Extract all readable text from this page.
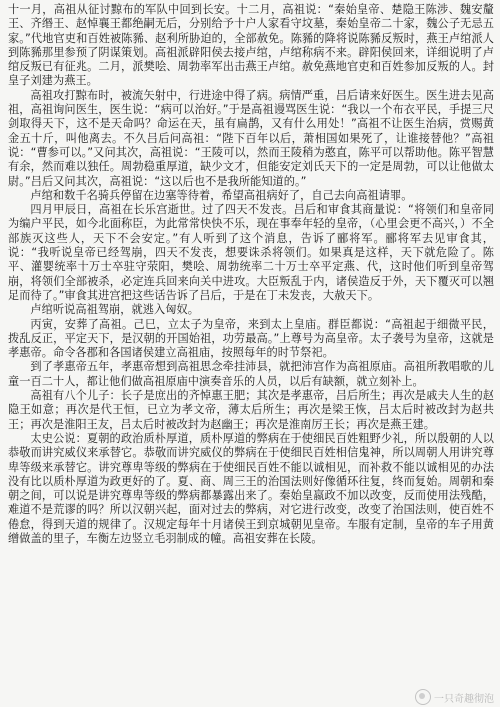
十一月，高祖从征讨黥布的军队中回到长安。十二月，高祖说：“秦始皇帝、楚隐王陈涉、魏安釐王、齐缗王、赵悼襄王都绝嗣无后，分别给予十户人家看守坟墓，秦始皇帝二十家，魏公子无忌五家。”代地官吏和百姓被陈豨、赵利所胁迫的，全部赦免。陈豨的降将说陈豨反叛时，燕王卢绾派人到陈豨那里参预了阴谋策划。高祖派辟阳侯去接卢绾，卢绾称病不来。辟阳侯回来，详细说明了卢绾反叛已有征兆。二月，派樊哙、周勃率军出击燕王卢绾。赦免燕地官吏和百姓参加反叛的人。封皇子刘建为燕王。

高祖攻打黥布时，被流矢射中，行进途中得了病。病情严重，吕后请来好医生。医生进去见高祖，高祖询问医生，医生说：“病可以治好。”于是高祖谩骂医生说：“我以一个布衣平民，手提三尺剑取得天下，这不是天命吗？命运在天，虽有扁鹊，又有什么用处！”高祖不让医生治病，赏赐黄金五十斤，叫他离去。不久吕后问高祖：“陛下百年以后，萧相国如果死了，让谁接替他？”高祖说：“曹参可以。”又问其次，高祖说：“王陵可以，然而王陵稍为憨直，陈平可以帮助他。陈平智慧有余，然而难以独任。周勃稳重厚道，缺少文才，但能安定刘氏天下的一定是周勃，可以让他做太尉。”吕后又问其次，高祖说：“这以后也不是我所能知道的。”

卢绾和数千名骑兵停留在边塞等待着，希望高祖病好了，自己去向高祖请罪。

四月甲辰日，高祖在长乐宫逝世。过了四天不发丧。吕后和审食其商量说：“将领们和皇帝同为编户平民，如今北面称臣，为此常常快快不乐，现在事奉年轻的皇帝，（心里会更不高兴，）不全部族灭这些人，天下不会安定。”有人听到了这个消息，告诉了郦将军。郦将军去见审食其，说：“我听说皇帝已经驾崩，四天不发丧，想要诛杀将领们。如果真是这样，天下就危险了。陈平、灌婴统率十万士卒驻守荥阳，樊哙、周勃统率二十万士卒平定燕、代，这时他们听到皇帝驾崩，将领们全部被杀，必定连兵回来向关中进攻。大臣叛乱于内，诸侯造反于外，天下覆灭可以翘足而待了。”审食其进宫把这些话告诉了吕后，于是在丁未发丧，大赦天下。

卢绾听说高祖驾崩，就逃入匈奴。

丙寅，安葬了高祖。己巳，立太子为皇帝，来到太上皇庙。群臣都说：“高祖起于细微平民，拨乱反正，平定天下，是汉朝的开国始祖，功劳最高。”上尊号为高皇帝。太子袭号为皇帝，这就是孝惠帝。命令各郡和各国诸侯建立高祖庙，按照每年的时节祭祀。

到了孝惠帝五年，孝惠帝想到高祖思念牵挂沛县，就把沛宫作为高祖原庙。高祖所教唱歌的儿童一百二十人，都让他们做高祖原庙中演奏音乐的人员，以后有缺额，就立刻补上。

高祖有八个儿子：长子是庶出的齐悼惠王肥；其次是孝惠帝，吕后所生；再次是戚夫人生的赵隐王如意；再次是代王恒，已立为孝文帝，薄太后所生；再次是梁王恢，吕太后时被改封为赵共王；再次是淮阳王友，吕太后时被改封为赵幽王；再次是淮南厉王长；再次是燕王建。

太史公说：夏朝的政治质朴厚道，质朴厚道的弊病在于使细民百姓粗野少礼，所以殷朝的人以恭敬而讲究威仪来承替它。恭敬而讲究威仪的弊病在于使细民百姓相信鬼神，所以周朝人用讲究尊卑等级来承替它。讲究尊卑等级的弊病在于使细民百姓不能以诚相见，而补救不能以诚相见的办法没有比以质朴厚道为政更好的了。夏、商、周三王的治国法则好像循环往复，终而复始。周朝和秦朝之间，可以说是讲究尊卑等级的弊病都暴露出来了。秦始皇嬴政不加以改变，反而使用法残酷，难道不是荒谬的吗？所以汉朝兴起，面对过去的弊病，对它进行改变，改变了治国法则，使百姓不倦怠，得到天道的规律了。汉规定每年十月诸侯王到京城朝见皇帝。车服有定制，皇帝的车子用黄缯做盖的里子，车衡左边竖立毛羽制成的幢。高祖安葬在长陵。

一只奇趣彻泡
